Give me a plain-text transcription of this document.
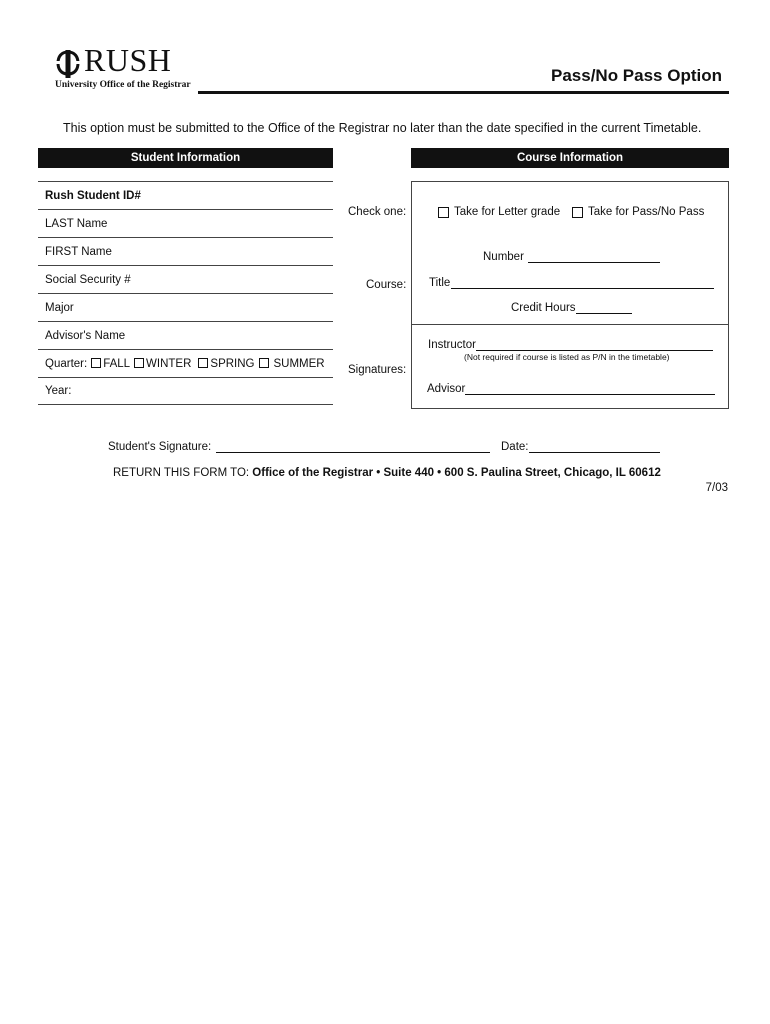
RUSH
University Office of the Registrar	Pass/No Pass Option
This option must be submitted to the Office of the Registrar no later than the date specified in the current Timetable.
Student Information	Course Information
Rush Student ID#
LAST Name
FIRST Name
Social Security #
Major
Advisor's Name
Quarter:	FALL	WINTER	SPRING	SUMMER
Year:
Check one:
Course:
Signatures:
Take for Letter grade Take for Pass/No Pass
Number
Title
Credit Hours
Instructor
(Not required if course is listed as P/N in the timetable)
Advisor
Student's Signature:	Date:
RETURN THIS FORM TO: Office of the Registrar • Suite 440 • 600 S. Paulina Street, Chicago, IL 60612
7/03
